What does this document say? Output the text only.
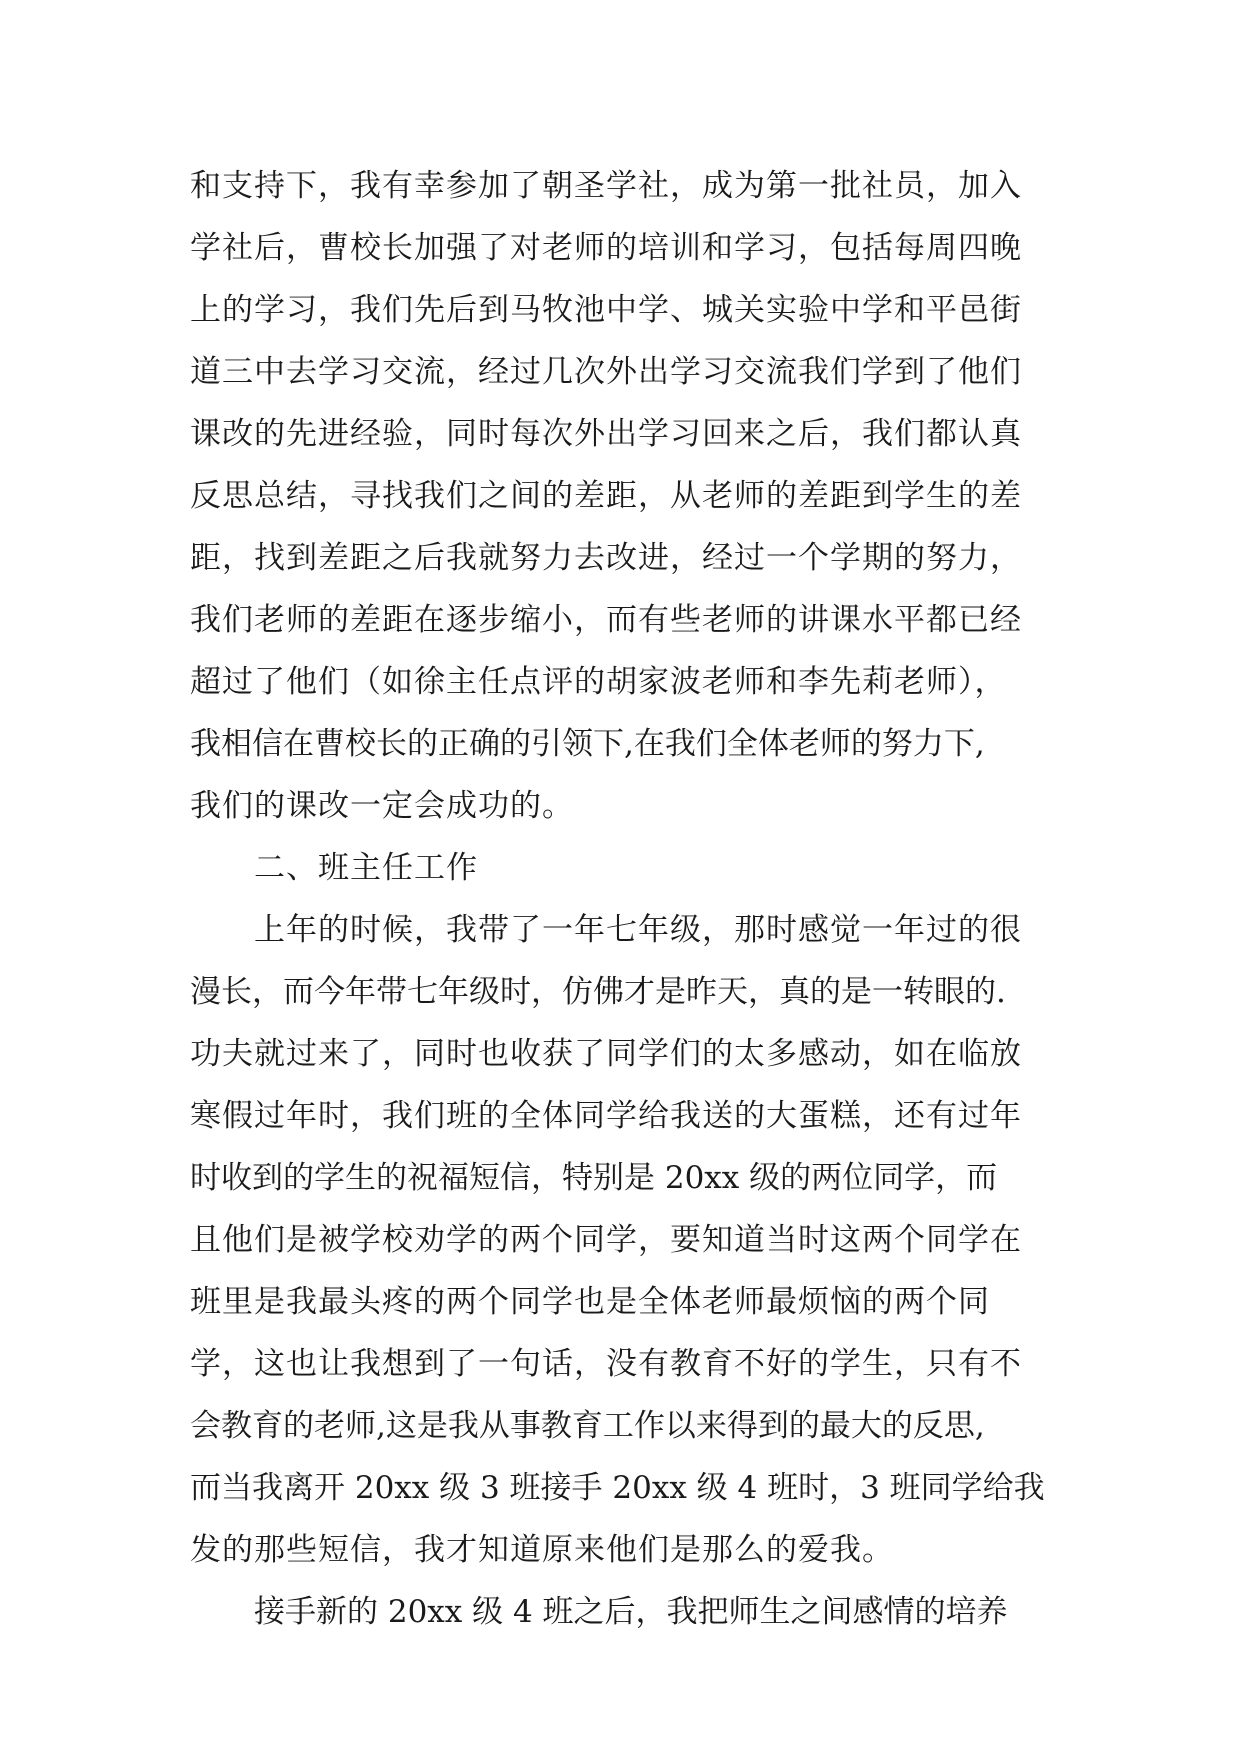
和支持下，我有幸参加了朝圣学社，成为第一批社员，加入
学社后，曹校长加强了对老师的培训和学习，包括每周四晚
上的学习，我们先后到马牧池中学、城关实验中学和平邑街
道三中去学习交流，经过几次外出学习交流我们学到了他们
课改的先进经验，同时每次外出学习回来之后，我们都认真
反思总结，寻找我们之间的差距，从老师的差距到学生的差
距，找到差距之后我就努力去改进，经过一个学期的努力，
我们老师的差距在逐步缩小，而有些老师的讲课水平都已经
超过了他们（如徐主任点评的胡家波老师和李先莉老师），
我相信在曹校长的正确的引领下,在我们全体老师的努力下,
我们的课改一定会成功的。
二、班主任工作
上年的时候，我带了一年七年级，那时感觉一年过的很
漫长，而今年带七年级时，仿佛才是昨天，真的是一转眼的.
功夫就过来了，同时也收获了同学们的太多感动，如在临放
寒假过年时，我们班的全体同学给我送的大蛋糕，还有过年
时收到的学生的祝福短信，特别是 20xx 级的两位同学，而
且他们是被学校劝学的两个同学，要知道当时这两个同学在
班里是我最头疼的两个同学也是全体老师最烦恼的两个同
学，这也让我想到了一句话，没有教育不好的学生，只有不
会教育的老师,这是我从事教育工作以来得到的最大的反思,
而当我离开 20xx 级 3 班接手 20xx 级 4 班时，3 班同学给我
发的那些短信，我才知道原来他们是那么的爱我。
接手新的 20xx 级 4 班之后，我把师生之间感情的培养
